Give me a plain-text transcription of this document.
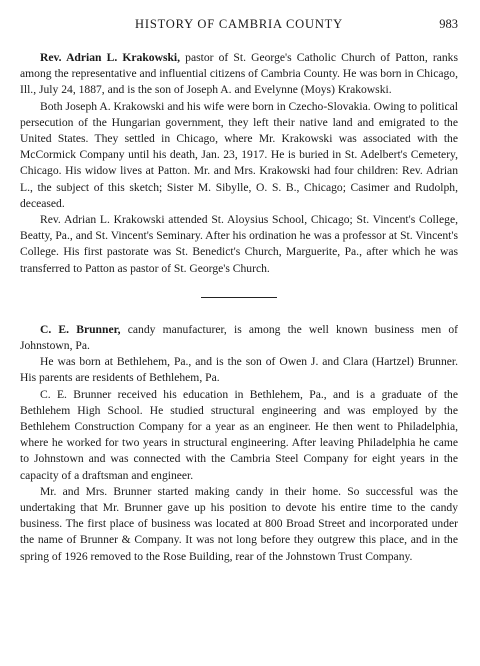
HISTORY OF CAMBRIA COUNTY	983

Rev. Adrian L. Krakowski, pastor of St. George's Catholic Church of Patton, ranks among the representative and influential citizens of Cambria County. He was born in Chicago, Ill., July 24, 1887, and is the son of Joseph A. and Evelynne (Moys) Krakowski.

Both Joseph A. Krakowski and his wife were born in Czecho-Slovakia. Owing to political persecution of the Hungarian government, they left their native land and emigrated to the United States. They settled in Chicago, where Mr. Krakowski was associated with the McCormick Company until his death, Jan. 23, 1917. He is buried in St. Adelbert's Cemetery, Chicago. His widow lives at Patton. Mr. and Mrs. Krakowski had four children: Rev. Adrian L., the subject of this sketch; Sister M. Sibylle, O. S. B., Chicago; Casimer and Rudolph, deceased.

Rev. Adrian L. Krakowski attended St. Aloysius School, Chicago; St. Vincent's College, Beatty, Pa., and St. Vincent's Seminary. After his ordination he was a professor at St. Vincent's College. His first pastorate was St. Benedict's Church, Marguerite, Pa., after which he was transferred to Patton as pastor of St. George's Church.

C. E. Brunner, candy manufacturer, is among the well known business men of Johnstown, Pa.

He was born at Bethlehem, Pa., and is the son of Owen J. and Clara (Hartzel) Brunner. His parents are residents of Bethlehem, Pa.

C. E. Brunner received his education in Bethlehem, Pa., and is a graduate of the Bethlehem High School. He studied structural engineering and was employed by the Bethlehem Construction Company for a year as an engineer. He then went to Philadelphia, where he worked for two years in structural engineering. After leaving Philadelphia he came to Johnstown and was connected with the Cambria Steel Company for eight years in the capacity of a draftsman and engineer.

Mr. and Mrs. Brunner started making candy in their home. So successful was the undertaking that Mr. Brunner gave up his position to devote his entire time to the candy business. The first place of business was located at 800 Broad Street and incorporated under the name of Brunner & Company. It was not long before they outgrew this place, and in the spring of 1926 removed to the Rose Building, rear of the Johnstown Trust Company.
